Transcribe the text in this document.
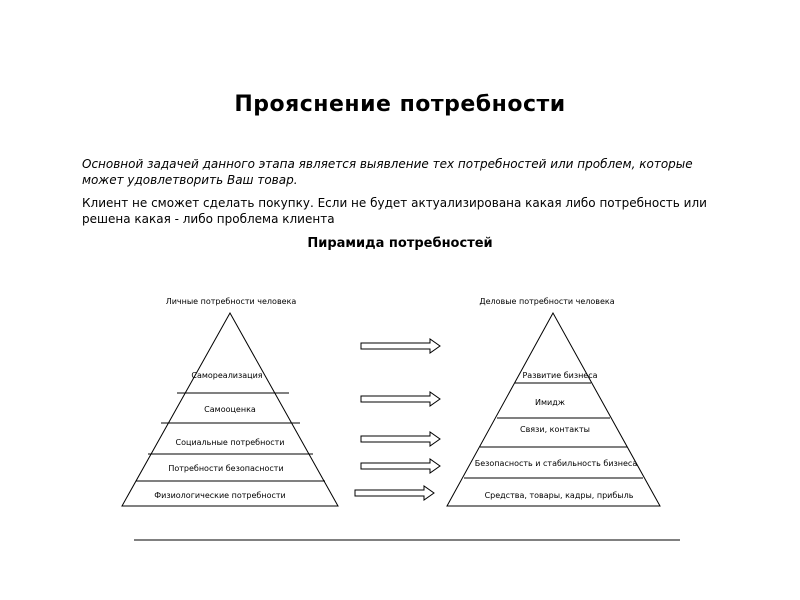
Прояснение потребности
Основной задачей данного этапа является выявление тех потребностей или проблем, которые может удовлетворить Ваш товар.
Клиент не сможет сделать покупку. Если не будет актуализирована какая либо потребность или решена какая - либо проблема клиента
Пирамида потребностей
Личные потребности человека
Самореализация
Самооценка
Социальные потребности
Потребности безопасности
Физиологические потребности
Деловые потребности человека
Развитие бизнеса
Имидж
Связи, контакты
Безопасность и стабильность бизнеса
Средства, товары, кадры, прибыль
